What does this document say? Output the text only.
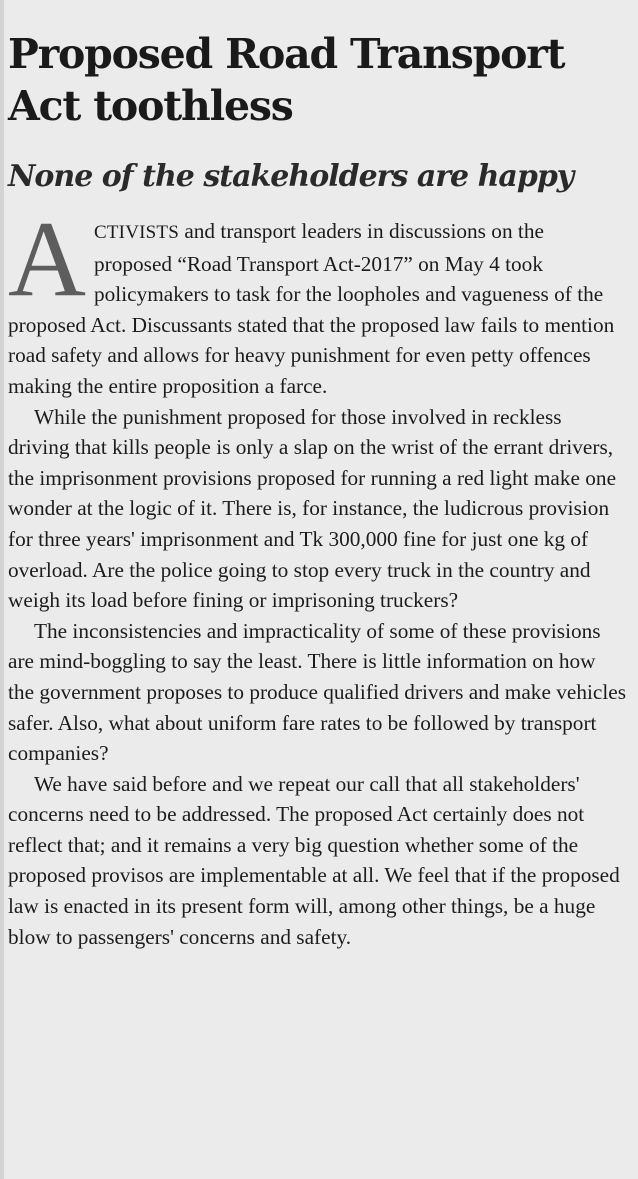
Proposed Road Transport Act toothless
None of the stakeholders are happy

ACTIVISTS and transport leaders in discussions on the proposed “Road Transport Act-2017” on May 4 took policymakers to task for the loopholes and vagueness of the proposed Act. Discussants stated that the proposed law fails to mention road safety and allows for heavy punishment for even petty offences making the entire proposition a farce.

While the punishment proposed for those involved in reckless driving that kills people is only a slap on the wrist of the errant drivers, the imprisonment provisions proposed for running a red light make one wonder at the logic of it. There is, for instance, the ludicrous provision for three years' imprisonment and Tk 300,000 fine for just one kg of overload. Are the police going to stop every truck in the country and weigh its load before fining or imprisoning truckers?

The inconsistencies and impracticality of some of these provisions are mind-boggling to say the least. There is little information on how the government proposes to produce qualified drivers and make vehicles safer. Also, what about uniform fare rates to be followed by transport companies?

We have said before and we repeat our call that all stakeholders' concerns need to be addressed. The proposed Act certainly does not reflect that; and it remains a very big question whether some of the proposed provisos are implementable at all. We feel that if the proposed law is enacted in its present form will, among other things, be a huge blow to passengers' concerns and safety.
